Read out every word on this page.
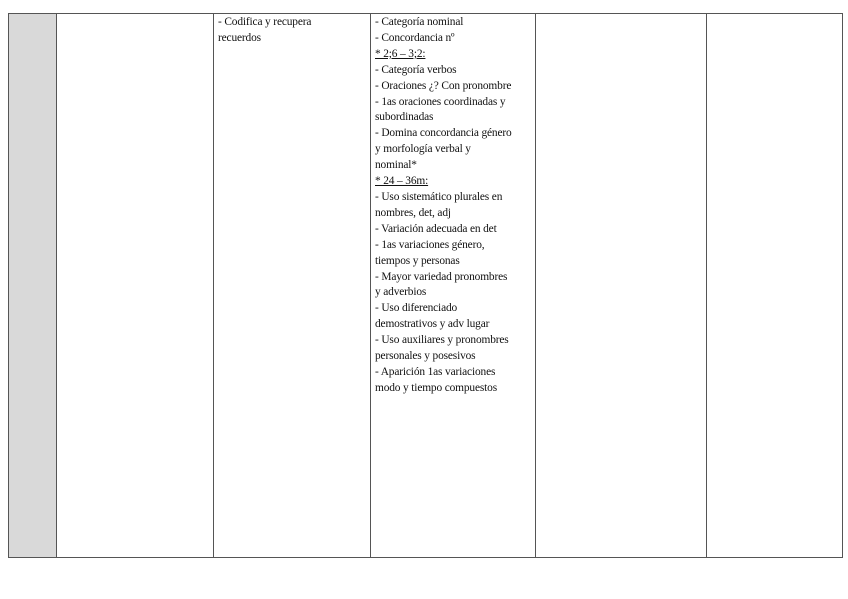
- Codifica y recupera
recuerdos

- Categoría nominal
- Concordancia nº
* 2;6 – 3;2:
- Categoría verbos
- Oraciones ¿? Con pronombre
- 1as oraciones coordinadas y
subordinadas
- Domina concordancia género
y morfología verbal y
nominal*
* 24 – 36m:
- Uso sistemático plurales en
nombres, det, adj
- Variación adecuada en det
- 1as variaciones género,
tiempos y personas
- Mayor variedad pronombres
y adverbios
- Uso diferenciado
demostrativos y adv lugar
- Uso auxiliares y pronombres
personales y posesivos
- Aparición 1as variaciones
modo y tiempo compuestos
